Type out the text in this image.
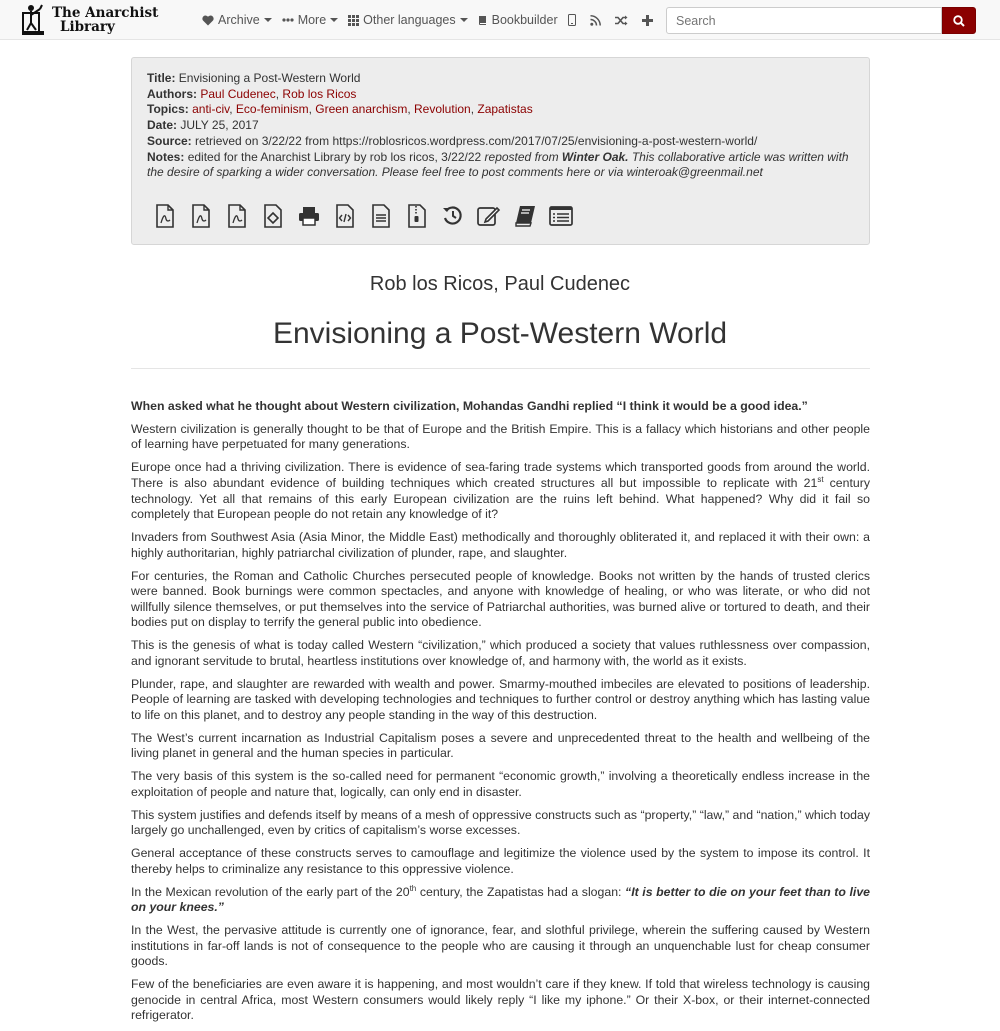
The Anarchist
Library	Archive	More	Other languages	Bookbuilder
Search
Title: Envisioning a Post-Western World
Authors: Paul Cudenec, Rob los Ricos
Topics: anti-civ, Eco-feminism, Green anarchism, Revolution, Zapatistas
Date: JULY 25, 2017
Source: retrieved on 3/22/22 from https://roblosricos.wordpress.com/2017/07/25/envisioning-a-post-western-world/
Notes: edited for the Anarchist Library by rob los ricos, 3/22/22 reposted from Winter Oak. This collaborative article was written with the desire of sparking a wider conversation. Please feel free to post comments here or via winteroak@greenmail.net
Rob los Ricos, Paul Cudenec
Envisioning a Post-Western World

When asked what he thought about Western civilization, Mohandas Gandhi replied “I think it would be a good idea.”

Western civilization is generally thought to be that of Europe and the British Empire. This is a fallacy which historians and other people of learning have perpetuated for many generations.

Europe once had a thriving civilization. There is evidence of sea-faring trade systems which transported goods from around the world. There is also abundant evidence of building techniques which created structures all but impossible to replicate with 21st century technology. Yet all that remains of this early European civilization are the ruins left behind. What happened? Why did it fail so completely that European people do not retain any knowledge of it?

Invaders from Southwest Asia (Asia Minor, the Middle East) methodically and thoroughly obliterated it, and replaced it with their own: a highly authoritarian, highly patriarchal civilization of plunder, rape, and slaughter.

For centuries, the Roman and Catholic Churches persecuted people of knowledge. Books not written by the hands of trusted clerics were banned. Book burnings were common spectacles, and anyone with knowledge of healing, or who was literate, or who did not willfully silence themselves, or put themselves into the service of Patriarchal authorities, was burned alive or tortured to death, and their bodies put on display to terrify the general public into obedience.

This is the genesis of what is today called Western “civilization,” which produced a society that values ruthlessness over compassion, and ignorant servitude to brutal, heartless institutions over knowledge of, and harmony with, the world as it exists.

Plunder, rape, and slaughter are rewarded with wealth and power. Smarmy-mouthed imbeciles are elevated to positions of leadership. People of learning are tasked with developing technologies and techniques to further control or destroy anything which has lasting value to life on this planet, and to destroy any people standing in the way of this destruction.

The West’s current incarnation as Industrial Capitalism poses a severe and unprecedented threat to the health and wellbeing of the living planet in general and the human species in particular.

The very basis of this system is the so-called need for permanent “economic growth,” involving a theoretically endless increase in the exploitation of people and nature that, logically, can only end in disaster.

This system justifies and defends itself by means of a mesh of oppressive constructs such as “property,” “law,” and “nation,” which today largely go unchallenged, even by critics of capitalism’s worse excesses.

General acceptance of these constructs serves to camouflage and legitimize the violence used by the system to impose its control. It thereby helps to criminalize any resistance to this oppressive violence.

In the Mexican revolution of the early part of the 20th century, the Zapatistas had a slogan: “It is better to die on your feet than to live on your knees.”

In the West, the pervasive attitude is currently one of ignorance, fear, and slothful privilege, wherein the suffering caused by Western institutions in far-off lands is not of consequence to the people who are causing it through an unquenchable lust for cheap consumer goods.

Few of the beneficiaries are even aware it is happening, and most wouldn’t care if they knew. If told that wireless technology is causing genocide in central Africa, most Western consumers would likely reply “I like my iphone.” Or their X-box, or their internet-connected refrigerator.
